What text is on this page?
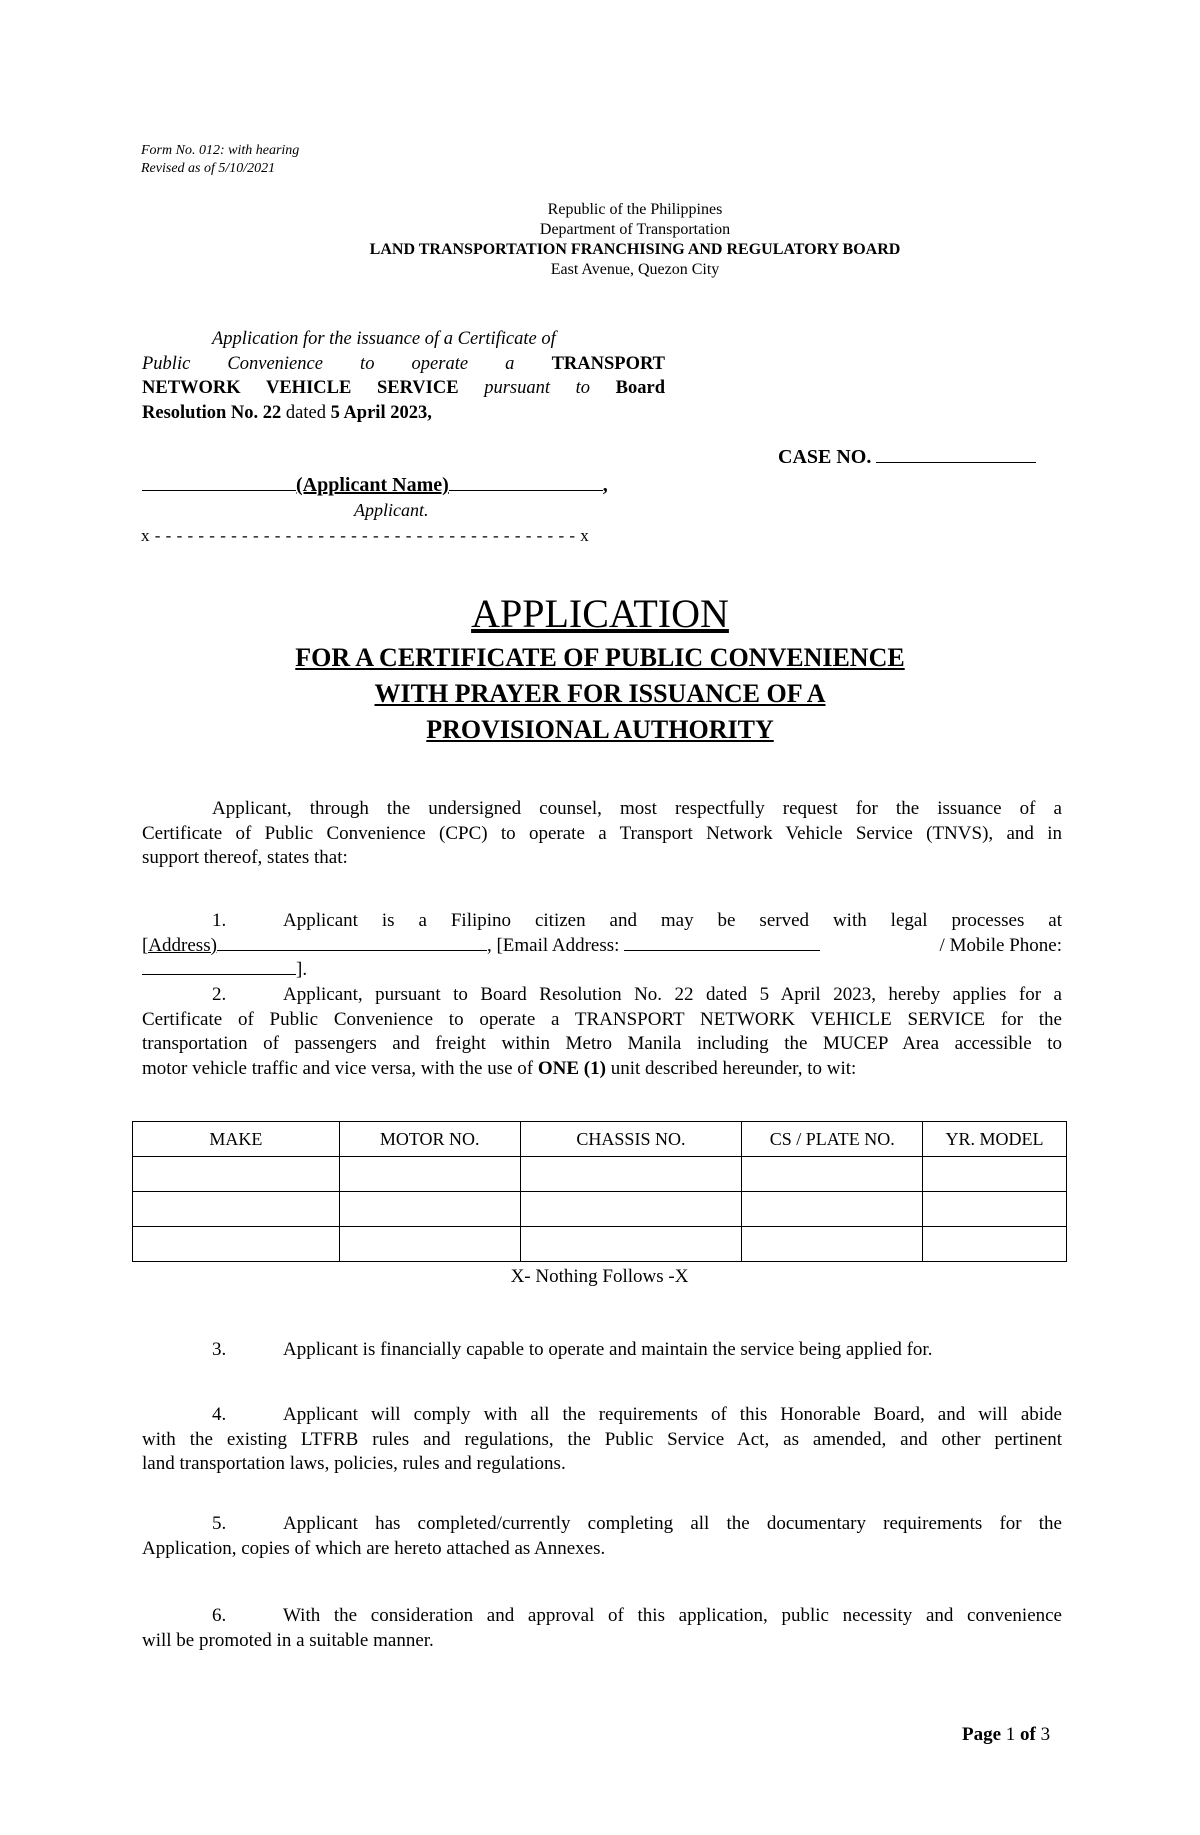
Form No. 012: with hearing
Revised as of 5/10/2021
Republic of the Philippines
Department of Transportation
LAND TRANSPORTATION FRANCHISING AND REGULATORY BOARD
East Avenue, Quezon City
Application for the issuance of a Certificate of
Public Convenience to operate a TRANSPORT
NETWORK VEHICLE SERVICE pursuant to Board
Resolution No. 22 dated 5 April 2023,
CASE NO.
(Applicant Name)	,
Applicant.
x - - - - - - - - - - - - - - - - - - - - - - - - - - - - - - - - - - - - - - - x
APPLICATION
FOR A CERTIFICATE OF PUBLIC CONVENIENCE
WITH PRAYER FOR ISSUANCE OF A
PROVISIONAL AUTHORITY
Applicant, through the undersigned counsel, most respectfully request for the issuance of a
Certificate of Public Convenience (CPC) to operate a Transport Network Vehicle Service (TNVS), and in
support thereof, states that:
1.	Applicant is a Filipino citizen and may be served with legal processes at
[Address)	, [Email Address:	/ Mobile Phone:
].
2.	Applicant, pursuant to Board Resolution No. 22 dated 5 April 2023, hereby applies for a
Certificate of Public Convenience to operate a TRANSPORT NETWORK VEHICLE SERVICE for the
transportation of passengers and freight within Metro Manila including the MUCEP Area accessible to
motor vehicle traffic and vice versa, with the use of ONE (1) unit described hereunder, to wit:
MAKE	MOTOR NO.	CHASSIS NO.	CS / PLATE NO.	YR. MODEL

X- Nothing Follows -X
3.	Applicant is financially capable to operate and maintain the service being applied for.
4.	Applicant will comply with all the requirements of this Honorable Board, and will abide
with the existing LTFRB rules and regulations, the Public Service Act, as amended, and other pertinent
land transportation laws, policies, rules and regulations.
5.	Applicant has completed/currently completing all the documentary requirements for the
Application, copies of which are hereto attached as Annexes.
6.	With the consideration and approval of this application, public necessity and convenience
will be promoted in a suitable manner.
Page 1 of 3
